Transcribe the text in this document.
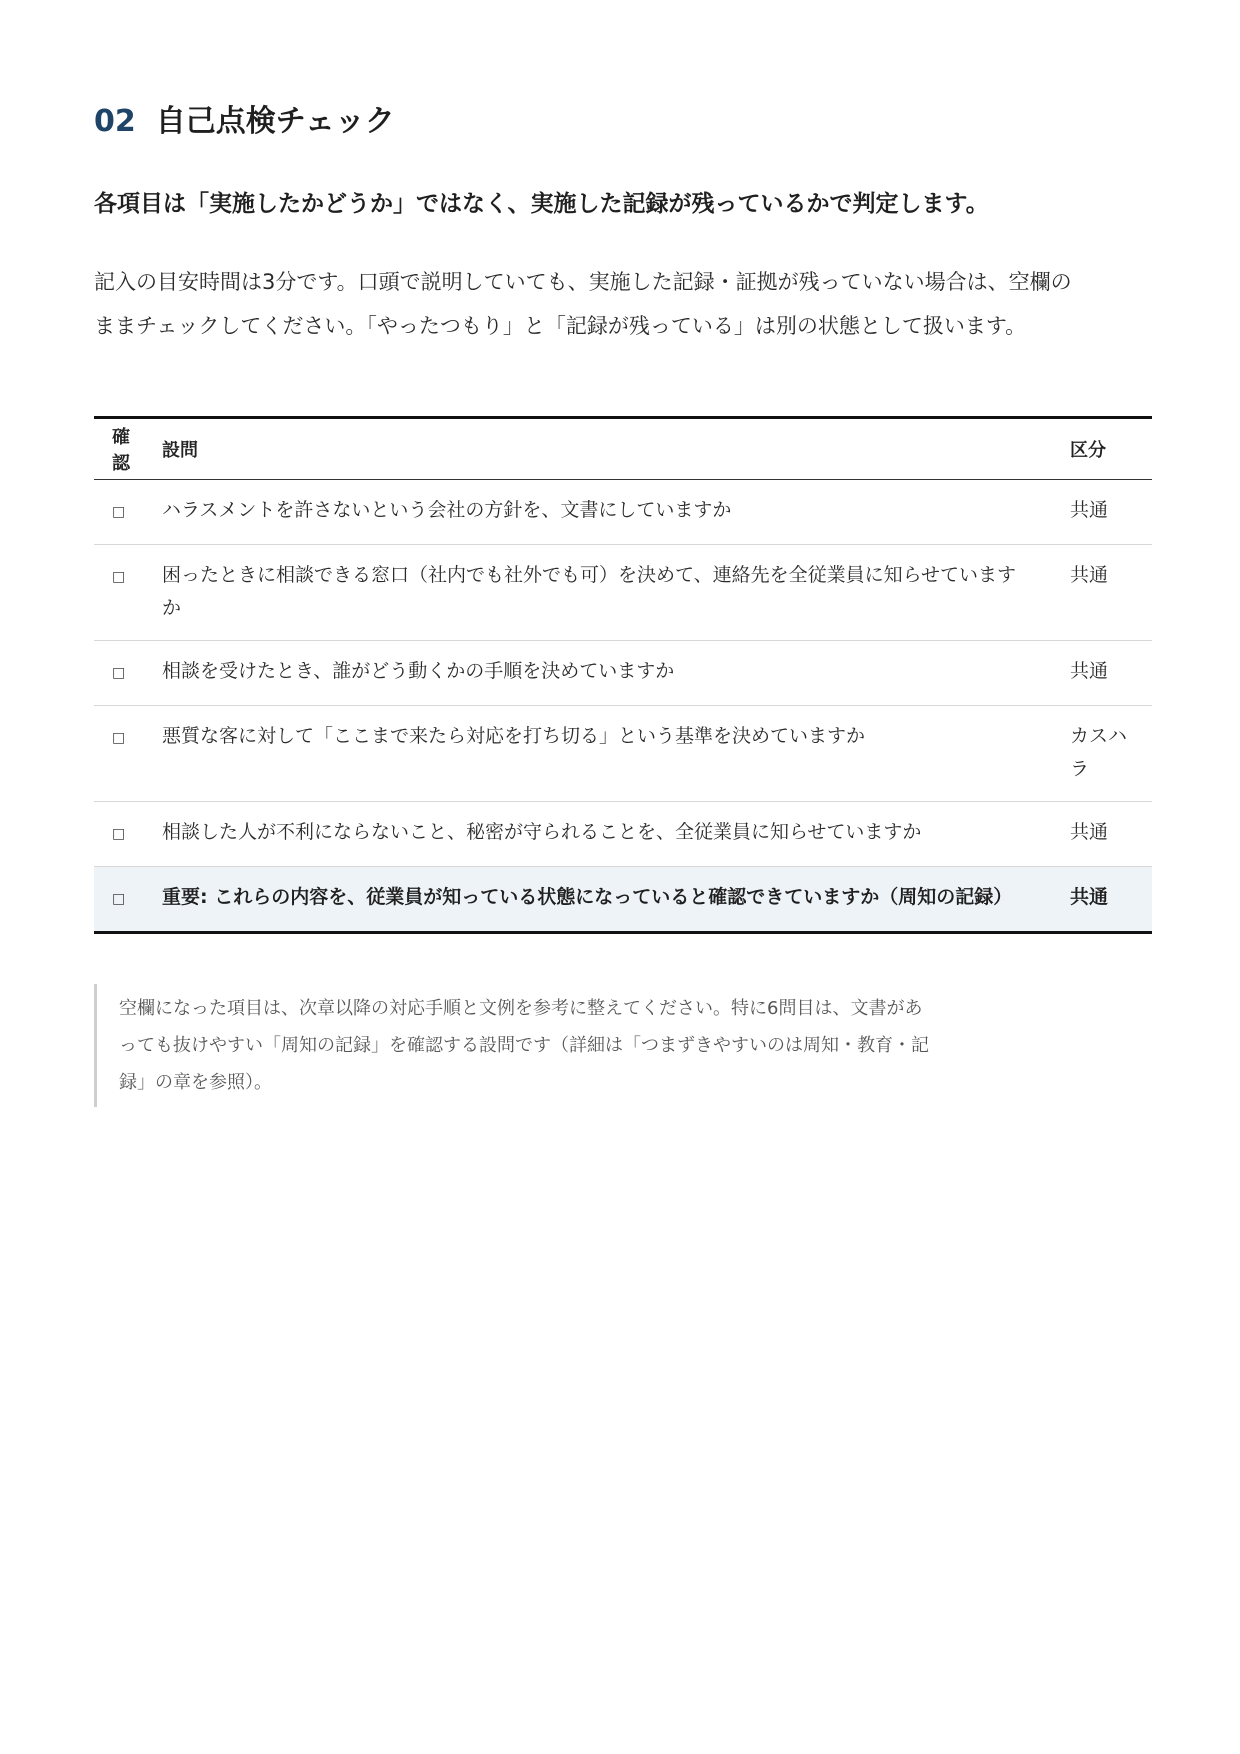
02 自己点検チェック

各項目は「実施したかどうか」ではなく、実施した記録が残っているかで判定します。

記入の目安時間は3分です。口頭で説明していても、実施した記録・証拠が残っていない場合は、空欄のままチェックしてください。「やったつもり」と「記録が残っている」は別の状態として扱います。

確認	設問	区分
□	ハラスメントを許さないという会社の方針を、文書にしていますか	共通
□	困ったときに相談できる窓口（社内でも社外でも可）を決めて、連絡先を全従業員に知らせていますか	共通
□	相談を受けたとき、誰がどう動くかの手順を決めていますか	共通
□	悪質な客に対して「ここまで来たら対応を打ち切る」という基準を決めていますか	カスハラ
□	相談した人が不利にならないこと、秘密が守られることを、全従業員に知らせていますか	共通
□	重要: これらの内容を、従業員が知っている状態になっていると確認できていますか（周知の記録）	共通
空欄になった項目は、次章以降の対応手順と文例を参考に整えてください。特に6問目は、文書があっても抜けやすい「周知の記録」を確認する設問です（詳細は「つまずきやすいのは周知・教育・記録」の章を参照）。
